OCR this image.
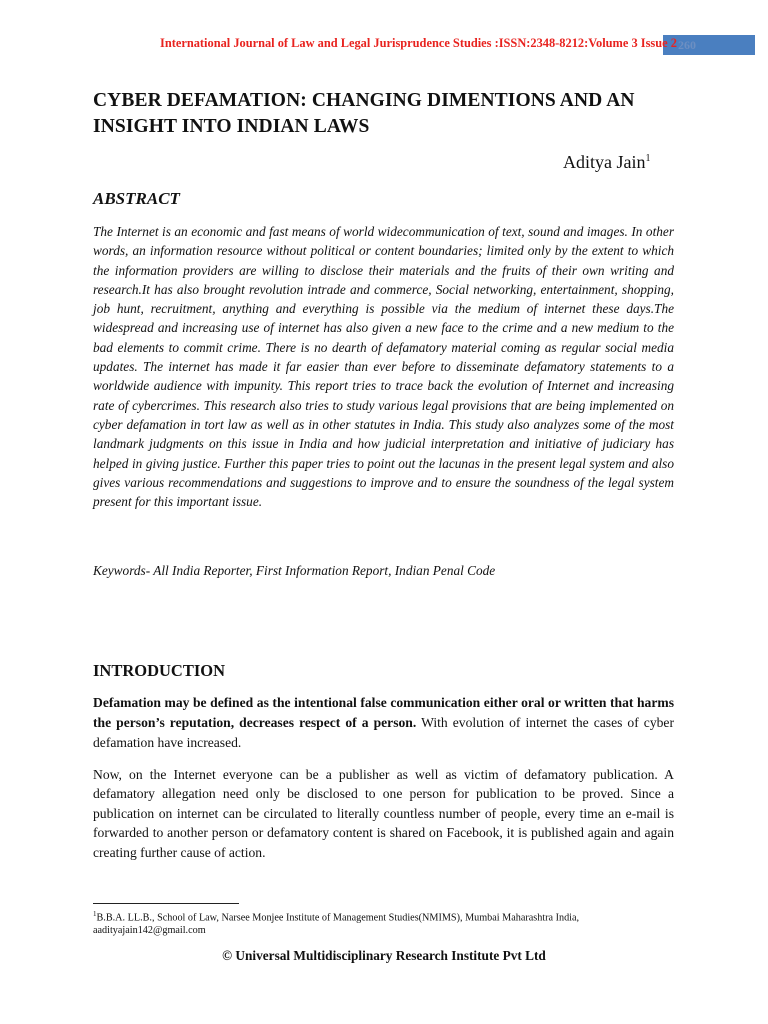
260
International Journal of Law and Legal Jurisprudence Studies :ISSN:2348-8212:Volume 3 Issue 2
CYBER DEFAMATION: CHANGING DIMENTIONS AND AN INSIGHT INTO INDIAN LAWS
Aditya Jain$^1$
ABSTRACT
The Internet is an economic and fast means of world widecommunication of text, sound and images. In other words, an information resource without political or content boundaries; limited only by the extent to which the information providers are willing to disclose their materials and the fruits of their own writing and research.It has also brought revolution intrade and commerce, Social networking, entertainment, shopping, job hunt, recruitment, anything and everything is possible via the medium of internet these days.The widespread and increasing use of internet has also given a new face to the crime and a new medium to the bad elements to commit crime. There is no dearth of defamatory material coming as regular social media updates. The internet has made it far easier than ever before to disseminate defamatory statements to a worldwide audience with impunity. This report tries to trace back the evolution of Internet and increasing rate of cybercrimes. This research also tries to study various legal provisions that are being implemented on cyber defamation in tort law as well as in other statutes in India. This study also analyzes some of the most landmark judgments on this issue in India and how judicial interpretation and initiative of judiciary has helped in giving justice. Further this paper tries to point out the lacunas in the present legal system and also gives various recommendations and suggestions to improve and to ensure the soundness of the legal system present for this important issue.
Keywords- All India Reporter, First Information Report, Indian Penal Code
INTRODUCTION
Defamation may be defined as the intentional false communication either oral or written that harms the person’s reputation, decreases respect of a person. With evolution of internet the cases of cyber defamation have increased.
Now, on the Internet everyone can be a publisher as well as victim of defamatory publication. A defamatory allegation need only be disclosed to one person for publication to be proved. Since a publication on internet can be circulated to literally countless number of people, every time an e-mail is forwarded to another person or defamatory content is shared on Facebook, it is published again and again creating further cause of action.
$^1$B.B.A. LL.B., School of Law, Narsee Monjee Institute of Management Studies(NMIMS), Mumbai Maharashtra India, aadityajain142@gmail.com
© Universal Multidisciplinary Research Institute Pvt Ltd
